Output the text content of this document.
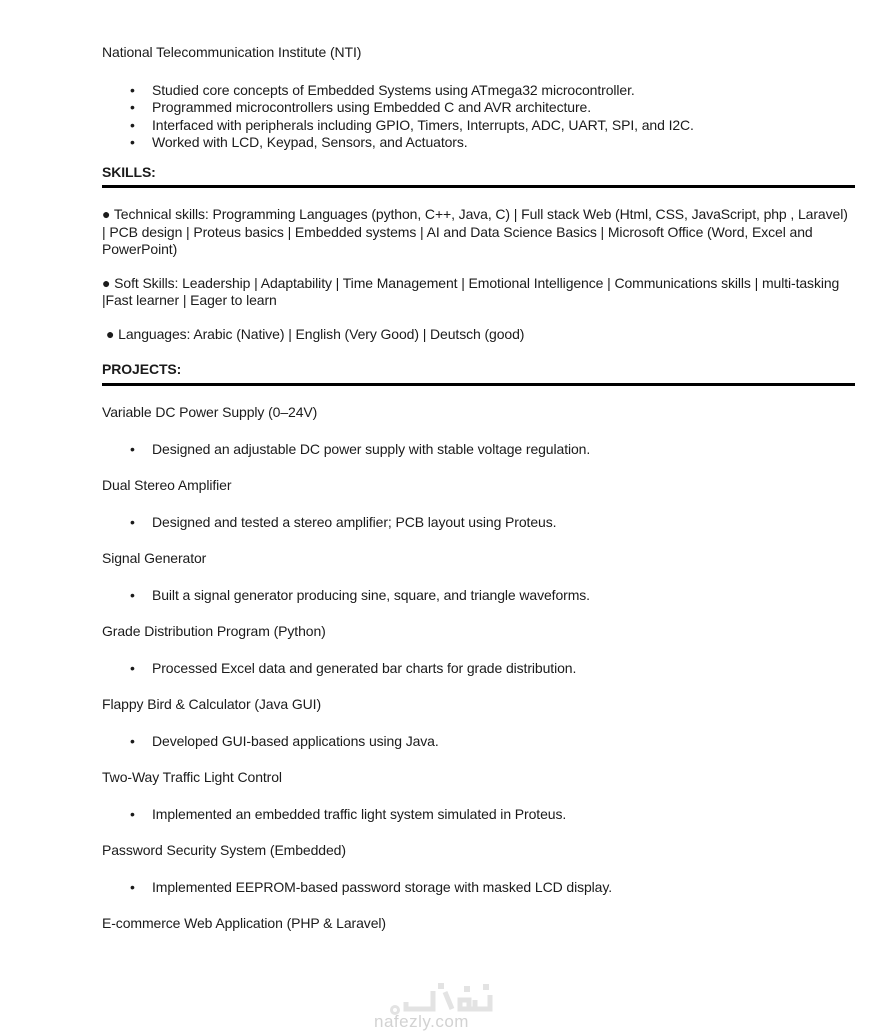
National Telecommunication Institute (NTI)

• Studied core concepts of Embedded Systems using ATmega32 microcontroller.
• Programmed microcontrollers using Embedded C and AVR architecture.
• Interfaced with peripherals including GPIO, Timers, Interrupts, ADC, UART, SPI, and I2C.
• Worked with LCD, Keypad, Sensors, and Actuators.
SKILLS:

● Technical skills: Programming Languages (python, C++, Java, C) | Full stack Web (Html, CSS, JavaScript, php , Laravel) | PCB design | Proteus basics | Embedded systems | AI and Data Science Basics | Microsoft Office (Word, Excel and PowerPoint)

● Soft Skills: Leadership | Adaptability | Time Management | Emotional Intelligence | Communications skills | multi-tasking |Fast learner | Eager to learn

● Languages: Arabic (Native) | English (Very Good) | Deutsch (good)

PROJECTS:

Variable DC Power Supply (0–24V)

• Designed an adjustable DC power supply with stable voltage regulation.

Dual Stereo Amplifier

• Designed and tested a stereo amplifier; PCB layout using Proteus.

Signal Generator

• Built a signal generator producing sine, square, and triangle waveforms.

Grade Distribution Program (Python)

• Processed Excel data and generated bar charts for grade distribution.

Flappy Bird & Calculator (Java GUI)

• Developed GUI-based applications using Java.

Two-Way Traffic Light Control

• Implemented an embedded traffic light system simulated in Proteus.

Password Security System (Embedded)

• Implemented EEPROM-based password storage with masked LCD display.

E-commerce Web Application (PHP & Laravel)

nafezly.com
